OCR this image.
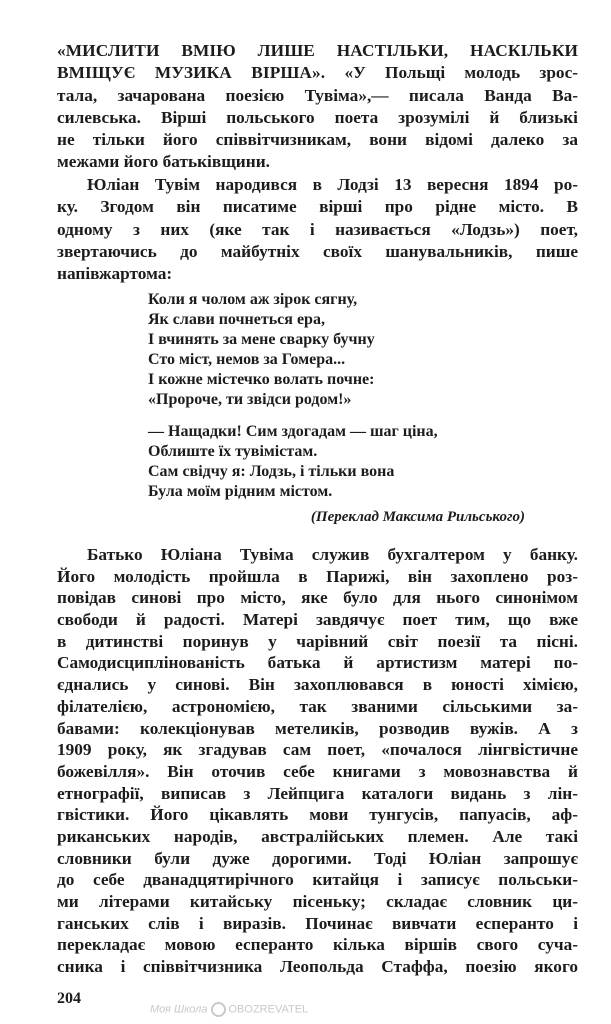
Моя Школа OBOZREVATEL
«МИСЛИТИ ВМІЮ ЛИШЕ НАСТІЛЬКИ, НАСКІЛЬКИ
ВМІЩУЄ МУЗИКА ВІРША». «У Польщі молодь зрос-
тала, зачарована поезією Тувіма»,— писала Ванда Ва-
силевська. Вірші польського поета зрозумілі й близькі
не тільки його співвітчизникам, вони відомі далеко за
межами його батьківщини.
Юліан Тувім народився в Лодзі 13 вересня 1894 ро-
ку. Згодом він писатиме вірші про рідне місто. В
одному з них (яке так і називається «Лодзь») поет,
звертаючись до майбутніх своїх шанувальників, пише
напівжартома:
Коли я чолом аж зірок сягну,
Як слави почнеться ера,
І вчинять за мене сварку бучну
Сто міст, немов за Гомера...
І кожне містечко волать почне:
«Пророче, ти звідси родом!»
— Нащадки! Сим здогадам — шаг ціна,
Облиште їх тувімістам.
Сам свідчу я: Лодзь, і тільки вона
Була моїм рідним містом.
(Переклад Максима Рильського)
Батько Юліана Тувіма служив бухгалтером у банку.
Його молодість пройшла в Парижі, він захоплено роз-
повідав синові про місто, яке було для нього синонімом
свободи й радості. Матері завдячує поет тим, що вже
в дитинстві поринув у чарівний світ поезії та пісні.
Самодисциплінованість батька й артистизм матері по-
єднались у синові. Він захоплювався в юності хімією,
філателією, астрономією, так званими сільськими за-
бавами: колекціонував метеликів, розводив вужів. А з
1909 року, як згадував сам поет, «почалося лінгвістичне
божевілля». Він оточив себе книгами з мовознавства й
етнографії, виписав з Лейпцига каталоги видань з лін-
гвістики. Його цікавлять мови тунгусів, папуасів, аф-
риканських народів, австралійських племен. Але такі
словники були дуже дорогими. Тоді Юліан запрошує
до себе дванадцятирічного китайця і записує польськи-
ми літерами китайську пісеньку; складає словник ци-
ганських слів і виразів. Починає вивчати есперанто і
перекладає мовою есперанто кілька віршів свого суча-
сника і співвітчизника Леопольда Стаффа, поезію якого
204
